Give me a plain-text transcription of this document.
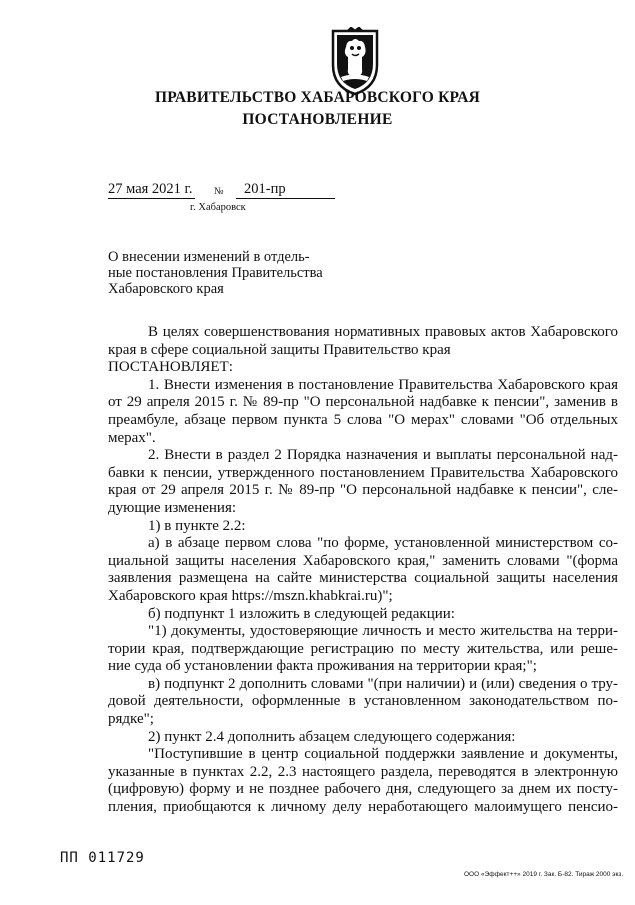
ПРАВИТЕЛЬСТВО ХАБАРОВСКОГО КРАЯ
ПОСТАНОВЛЕНИЕ
27 мая 2021 г. №	201-пр
г. Хабаровск
О внесении изменений в отдель-
ные постановления Правительства
Хабаровского края

В целях совершенствования нормативных правовых актов Хабаровского

края в сфере социальной защиты Правительство края

ПОСТАНОВЛЯЕТ:

1. Внести изменения в постановление Правительства Хабаровского края

от 29 апреля 2015 г. № 89-пр "О персональной надбавке к пенсии", заменив в

преамбуле, абзаце первом пункта 5 слова "О мерах" словами "Об отдельных

мерах".

2. Внести в раздел 2 Порядка назначения и выплаты персональной над-

бавки к пенсии, утвержденного постановлением Правительства Хабаровского

края от 29 апреля 2015 г. № 89-пр "О персональной надбавке к пенсии", сле-

дующие изменения:

1) в пункте 2.2:

а) в абзаце первом слова "по форме, установленной министерством со-

циальной защиты населения Хабаровского края," заменить словами "(форма

заявления размещена на сайте министерства социальной защиты населения

Хабаровского края https://mszn.khabkrai.ru)";

б) подпункт 1 изложить в следующей редакции:

"1) документы, удостоверяющие личность и место жительства на терри-

тории края, подтверждающие регистрацию по месту жительства, или реше-

ние суда об установлении факта проживания на территории края;";

в) подпункт 2 дополнить словами "(при наличии) и (или) сведения о тру-

довой деятельности, оформленные в установленном законодательством по-

рядке";

2) пункт 2.4 дополнить абзацем следующего содержания:

"Поступившие в центр социальной поддержки заявление и документы,

указанные в пунктах 2.2, 2.3 настоящего раздела, переводятся в электронную

(цифровую) форму и не позднее рабочего дня, следующего за днем их посту-

пления, приобщаются к личному делу неработающего малоимущего пенсио-

ПП 011729
ООО «Эффект++» 2019 г. Зак. Б-82. Тираж 2000 экз.
